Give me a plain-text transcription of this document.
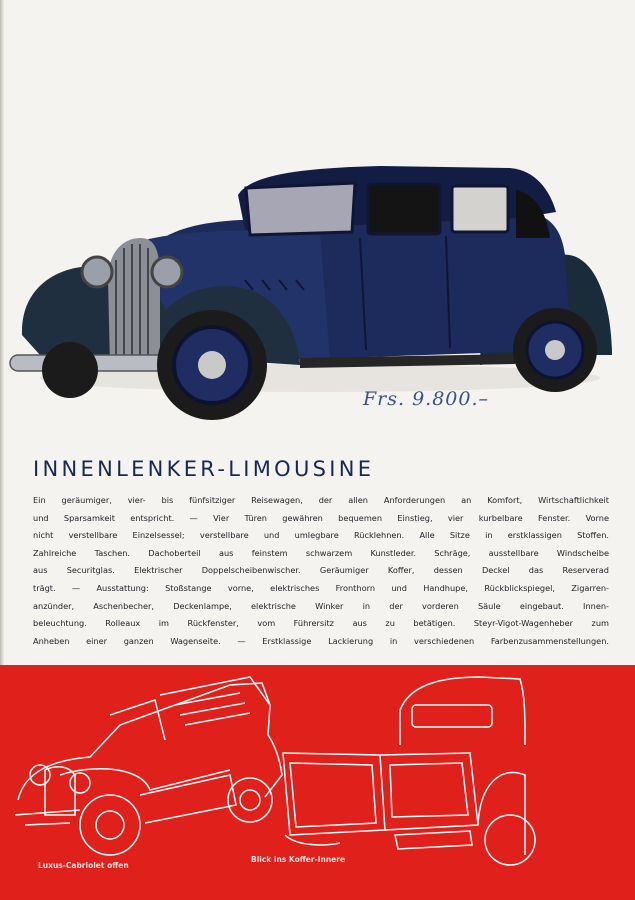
Frs. 9.800.–
INNENLENKER-LIMOUSINE

Ein geräumiger, vier- bis fünfsitziger Reisewagen, der allen Anforderungen an Komfort, Wirtschaftlichkeit
und Sparsamkeit entspricht. — Vier Türen gewähren bequemen Einstieg, vier kurbelbare Fenster. Vorne
nicht verstellbare Einzelsessel; verstellbare und umlegbare Rücklehnen. Alle Sitze in erstklassigen Stoffen.
Zahlreiche Taschen. Dachoberteil aus feinstem schwarzem Kunstleder. Schräge, ausstellbare Windscheibe
aus Securitglas. Elektrischer Doppelscheibenwischer. Geräumiger Koffer, dessen Deckel das Reserverad
trägt. — Ausstattung: Stoßstange vorne, elektrisches Fronthorn und Handhupe, Rückblickspiegel, Zigarren-
anzünder, Aschenbecher, Deckenlampe, elektrische Winker in der vorderen Säule eingebaut. Innen-
beleuchtung. Rolleaux im Rückfenster, vom Führersitz aus zu betätigen. Steyr-Vigot-Wagenheber zum
Anheben einer ganzen Wagenseite. — Erstklassige Lackierung in verschiedenen Farbenzusammenstellungen.

Luxus-Cabriolet offen
Blick ins Koffer-Innere
